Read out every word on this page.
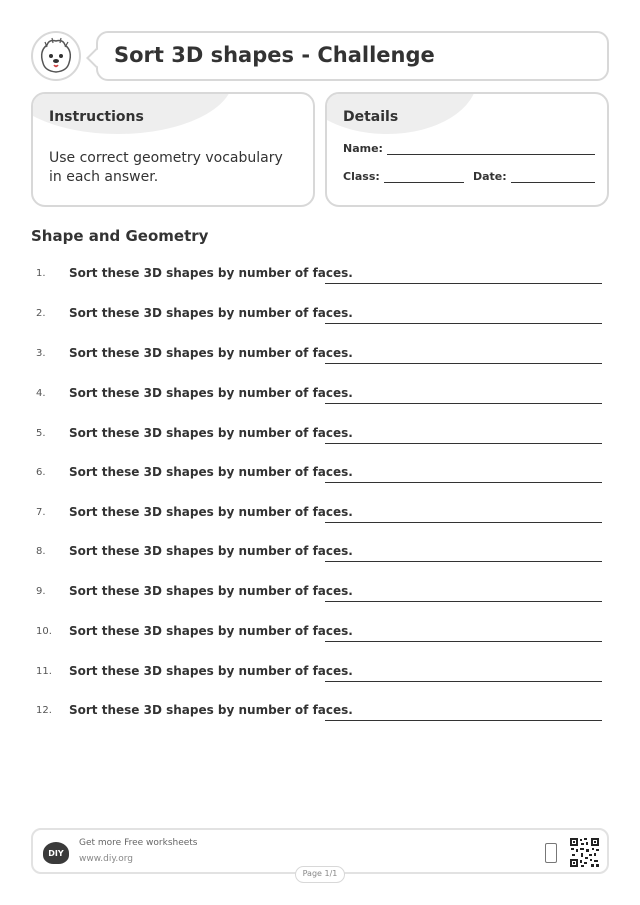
Sort 3D shapes - Challenge
Instructions
Use correct geometry vocabulary in each answer.
Details
Name:
Class:	Date:
Shape and Geometry
1. Sort these 3D shapes by number of faces.
2. Sort these 3D shapes by number of faces.
3. Sort these 3D shapes by number of faces.
4. Sort these 3D shapes by number of faces.
5. Sort these 3D shapes by number of faces.
6. Sort these 3D shapes by number of faces.
7. Sort these 3D shapes by number of faces.
8. Sort these 3D shapes by number of faces.
9. Sort these 3D shapes by number of faces.
10. Sort these 3D shapes by number of faces.
11. Sort these 3D shapes by number of faces.
12. Sort these 3D shapes by number of faces.
DIY
Get more Free worksheets
www.diy.org
Page 1/1
